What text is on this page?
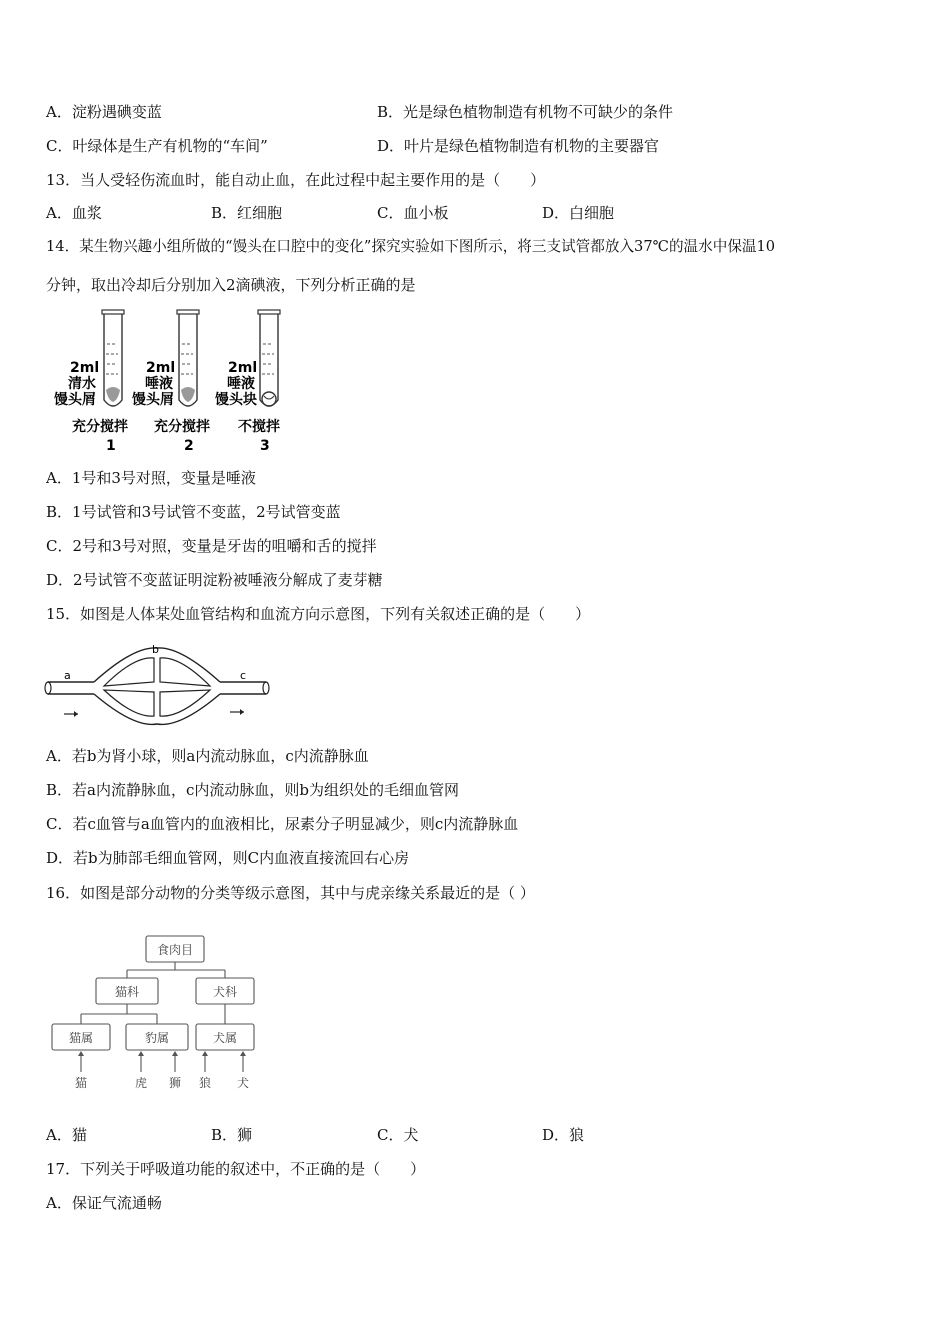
A．淀粉遇碘变蓝	B．光是绿色植物制造有机物不可缺少的条件
C．叶绿体是生产有机物的“车间”	D．叶片是绿色植物制造有机物的主要器官
13．当人受轻伤流血时，能自动止血，在此过程中起主要作用的是（　　）
A．血浆	B．红细胞	C．血小板	D．白细胞
14．某生物兴趣小组所做的“馒头在口腔中的变化”探究实验如下图所示，将三支试管都放入37℃的温水中保温10
分钟，取出冷却后分别加入2滴碘液，下列分析正确的是
2ml
清水
馒头屑
充分搅拌
1
2ml
唾液
馒头屑
充分搅拌
2
2ml
唾液
馒头块
不搅拌
3
A．1号和3号对照，变量是唾液
B．1号试管和3号试管不变蓝，2号试管变蓝
C．2号和3号对照，变量是牙齿的咀嚼和舌的搅拌
D．2号试管不变蓝证明淀粉被唾液分解成了麦芽糖
15．如图是人体某处血管结构和血流方向示意图，下列有关叙述正确的是（　　）
a
b
c
A．若b为肾小球，则a内流动脉血，c内流静脉血
B．若a内流静脉血，c内流动脉血，则b为组织处的毛细血管网
C．若c血管与a血管内的血液相比，尿素分子明显减少，则c内流静脉血
D．若b为肺部毛细血管网，则C内血液直接流回右心房
16．如图是部分动物的分类等级示意图，其中与虎亲缘关系最近的是（ ）
食肉目
猫科	犬科
猫属	豹属	犬属
猫	虎 狮 狼 犬
A．猫	B．狮	C．犬	D．狼
17．下列关于呼吸道功能的叙述中，不正确的是（　　）
A．保证气流通畅
